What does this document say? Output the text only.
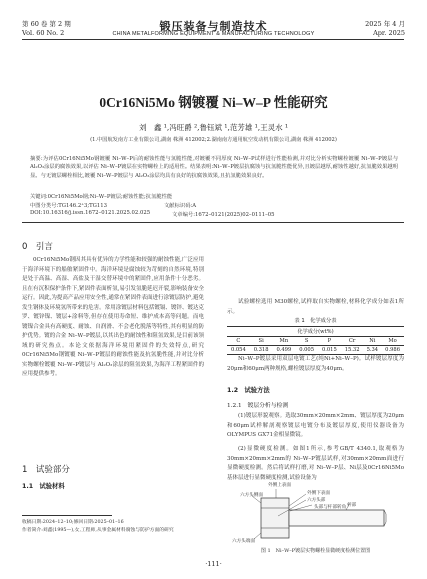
第 60 卷 第 2 期
Vol. 60 No. 2	锻压装备与制造技术
CHINA METALFORMING EQUIPMENT & MANUFACTURING TECHNOLOGY
2025 年 4 月
Apr. 2025
0Cr16Ni5Mo 钢镀覆 Ni–W–P 性能研究
刘　鑫 ¹,冯旺爵 ²,鲁钰斌 ¹,范芳雄 ¹,王灵水 ¹
(1.中国航发南方工业有限公司,湖南 株洲 412002;2.湖南南方通用航空发动机有限公司,湖南 株洲 412002)
摘要:为评估0Cr16Ni5Mo钢镀覆 Ni–W–P后的耐蚀性能与氢脆性能,对镀覆不同厚度 Ni–W–P试样进行性能检测,并对比分析实物螺栓镀覆 Ni–W–P镀层与 Al₂O₃涂层的腐蚀效果,以评估 Ni–W–P镀层在实物螺栓上的适用性。结果表明:Ni–W–P镀层抗腐蚀与抗氢脆性能优异,且镀层越厚,耐蚀性越好,抗氢脆效果越明显。与无镀层螺栓相比,镀覆 Ni–W–P镀层与 Al₂O₃涂层均具有良好的抗腐蚀效果,且抗氢脆效果良好。
关键词:0Cr16Ni5Mo钢;Ni–W–P镀层;耐蚀性能;抗氢脆性能
中图分类号:TG146.2⁺3;TG113	文献标识码:A
DOI:10.16316/j.issn.1672–0121.2025.02.025	文章编号:1672–0121(2025)02–0111–05
0　引言
0Cr16Ni5Mo钢因其具有优异的力学性能和较强的耐蚀性能,广泛应用于海洋环境下的船舶紧固件中。海洋环境是腐蚀较为苛刻的自然环境,特别是处于高温、高湿、高盐及干湿交替环境中的紧固件,应用条件十分恶劣。且在有沉积保护条件下,紧固件表面析氢,易引发氢脆延迟开裂,影响装备安全运行。因此,为提高产品应用安全性,通常在紧固件表面进行涂镀层防护,避免发生钢体及环境氢所带来的危害。常用涂镀层材料包括镀镉、镀锌、镀达克罗、镀锌镍、镀层+涂料等,但存在使用寿命短、维护成本高等问题。而电镀镍合金具有高硬度、耐蚀、自润滑、不会老化脱落等特性,其有明显的防护优势。镀的合金 Ni–W–P镀层,以其出色的耐蚀性和阻氢效果,是目前该领域的研究热点。本论文依据海洋环境用紧固件的失效特点,研究0Cr16Ni5Mo钢镀覆 Ni–W–P镀层的耐蚀性能及抗氢脆性能,并对比分析实物螺栓镀覆 Ni–W–P镀层与 Al₂O₃涂层的阻氢效果,为海洋工程紧固件的应用提供参考。
1　试验部分
1.1　试验材料
收稿日期:2024–12–10;修回日期:2025–01–16
作者简介:刘鑫(1995—),女,工程师,从事金属材料腐蚀与防护方面的研究
试验螺栓选用 M30螺栓,试样取自实物螺栓,材料化学成分如表1所示。
表 1　化学成分表
化学成分(wt%)							
C	Si	Mn	S	P	Cr	Ni	Mo
0.054	0.318	0.499	0.005	0.015	15.32	5.34	0.986
Ni–W–P镀层采用双层电镀工艺(纯Ni+Ni–W–P)。试样镀层厚度为20μm和60μm两种规格,螺栓镀层厚度为40μm。
1.2　试验方法
1.2.1　镀层分析与检测
(1)镀层形貌观察。选取30mm×20mm×2mm、镀层厚度为20μm和60μm试样解剖观察镀层电镀分布及镀层厚度,使用仪器设备为 OLYMPUS GX71金相显微镜。
(2)显微硬度检测。如图1所示,参考GB/T 4340.1,取观格为30mm×20mm×2mm的 Ni–W–P镀层试样,对30mm×20mm面进行显微硬度检测。然后将试样打磨,对 Ni–W–P层、Ni层及0Cr16Ni5Mo基体层进行显微硬度检测,试验设备为
外侧上表面
六方头侧面	外侧下表面
六方头部
头部与杆部转角 杆部
六方头端面
图 1　Ni–W–P镀层实物螺栓显微硬度检测位置图
·111·
